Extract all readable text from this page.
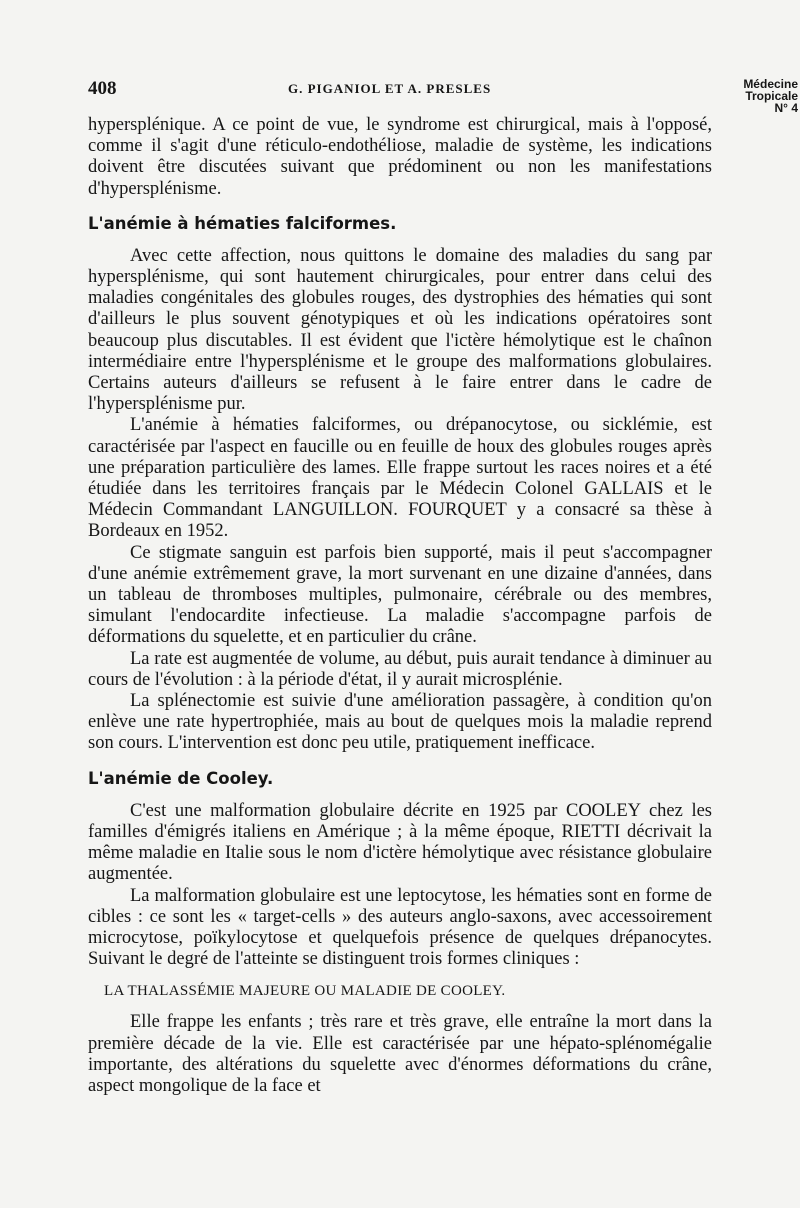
408	G. PIGANIOL ET A. PRESLES	Médecine
Tropicale
N° 4

hypersplénique. A ce point de vue, le syndrome est chirurgical, mais à l'opposé, comme il s'agit d'une réticulo-endothéliose, maladie de système, les indications doivent être discutées suivant que prédominent ou non les manifestations d'hypersplénisme.

L'anémie à hématies falciformes.

Avec cette affection, nous quittons le domaine des maladies du sang par hypersplénisme, qui sont hautement chirurgicales, pour entrer dans celui des maladies congénitales des globules rouges, des dystrophies des hématies qui sont d'ailleurs le plus souvent génotypiques et où les indications opératoires sont beaucoup plus discutables. Il est évident que l'ictère hémolytique est le chaînon intermédiaire entre l'hypersplénisme et le groupe des malformations globulaires. Certains auteurs d'ailleurs se refusent à le faire entrer dans le cadre de l'hypersplénisme pur.

L'anémie à hématies falciformes, ou drépanocytose, ou sicklémie, est caractérisée par l'aspect en faucille ou en feuille de houx des globules rouges après une préparation particulière des lames. Elle frappe surtout les races noires et a été étudiée dans les territoires français par le Médecin Colonel GALLAIS et le Médecin Commandant LANGUILLON. FOURQUET y a consacré sa thèse à Bordeaux en 1952.

Ce stigmate sanguin est parfois bien supporté, mais il peut s'accompagner d'une anémie extrêmement grave, la mort survenant en une dizaine d'années, dans un tableau de thromboses multiples, pulmonaire, cérébrale ou des membres, simulant l'endocardite infectieuse. La maladie s'accompagne parfois de déformations du squelette, et en particulier du crâne.

La rate est augmentée de volume, au début, puis aurait tendance à diminuer au cours de l'évolution : à la période d'état, il y aurait microsplénie.

La splénectomie est suivie d'une amélioration passagère, à condition qu'on enlève une rate hypertrophiée, mais au bout de quelques mois la maladie reprend son cours. L'intervention est donc peu utile, pratiquement inefficace.

L'anémie de Cooley.

C'est une malformation globulaire décrite en 1925 par COOLEY chez les familles d'émigrés italiens en Amérique ; à la même époque, RIETTI décrivait la même maladie en Italie sous le nom d'ictère hémolytique avec résistance globulaire augmentée.

La malformation globulaire est une leptocytose, les hématies sont en forme de cibles : ce sont les « target-cells » des auteurs anglo-saxons, avec accessoirement microcytose, poïkylocytose et quelquefois présence de quelques drépanocytes. Suivant le degré de l'atteinte se distinguent trois formes cliniques :

LA THALASSÉMIE MAJEURE OU MALADIE DE COOLEY.

Elle frappe les enfants ; très rare et très grave, elle entraîne la mort dans la première décade de la vie. Elle est caractérisée par une hépato-splénomégalie importante, des altérations du squelette avec d'énormes déformations du crâne, aspect mongolique de la face et
